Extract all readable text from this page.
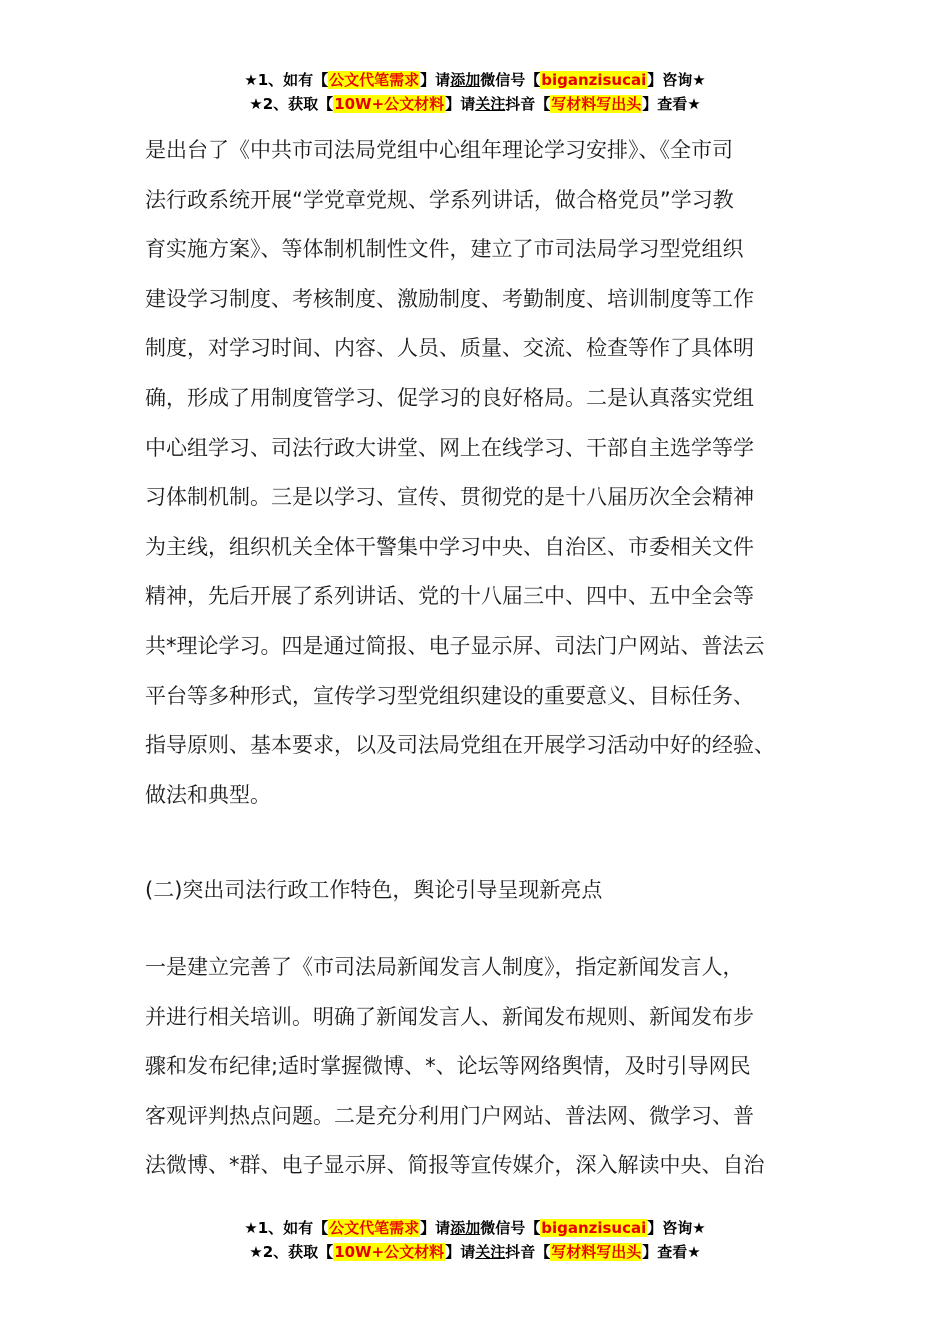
★1、如有【公文代笔需求】请添加微信号【biganzisucai】咨询★
★2、获取【10W+公文材料】请关注抖音【写材料写出头】查看★
是出台了《中共市司法局党组中心组年理论学习安排》、《全市司
法行政系统开展“学党章党规、学系列讲话，做合格党员”学习教
育实施方案》、等体制机制性文件，建立了市司法局学习型党组织
建设学习制度、考核制度、激励制度、考勤制度、培训制度等工作
制度，对学习时间、内容、人员、质量、交流、检查等作了具体明
确，形成了用制度管学习、促学习的良好格局。二是认真落实党组
中心组学习、司法行政大讲堂、网上在线学习、干部自主选学等学
习体制机制。三是以学习、宣传、贯彻党的是十八届历次全会精神
为主线，组织机关全体干警集中学习中央、自治区、市委相关文件
精神，先后开展了系列讲话、党的十八届三中、四中、五中全会等
共*理论学习。四是通过简报、电子显示屏、司法门户网站、普法云
平台等多种形式，宣传学习型党组织建设的重要意义、目标任务、
指导原则、基本要求，以及司法局党组在开展学习活动中好的经验、
做法和典型。
(二)突出司法行政工作特色，舆论引导呈现新亮点
一是建立完善了《市司法局新闻发言人制度》，指定新闻发言人，
并进行相关培训。明确了新闻发言人、新闻发布规则、新闻发布步
骤和发布纪律;适时掌握微博、*、论坛等网络舆情，及时引导网民
客观评判热点问题。二是充分利用门户网站、普法网、微学习、普
法微博、*群、电子显示屏、简报等宣传媒介，深入解读中央、自治
★1、如有【公文代笔需求】请添加微信号【biganzisucai】咨询★
★2、获取【10W+公文材料】请关注抖音【写材料写出头】查看★
